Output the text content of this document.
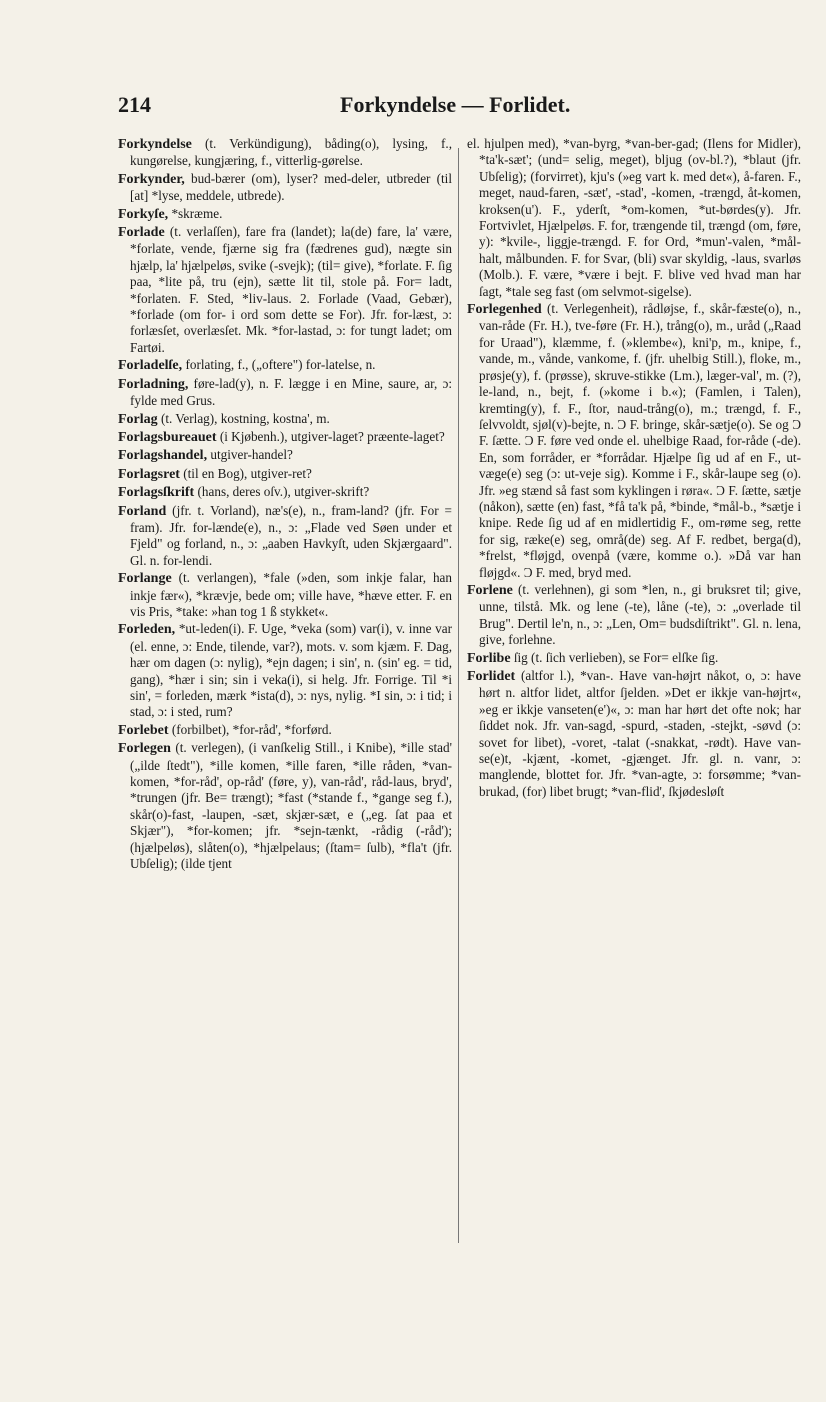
214	Forkyndelse — Forlidet.

Forkyndelse (t. Verkündigung), båding(o), lysing, f., kungørelse, kungjæring, f., vitterlig-gørelse.

Forkynder, bud-bærer (om), lyser? med-deler, utbreder (til [at] *lyse, meddele, utbrede).

Forkyſe, *skræme.

Forlade (t. verlaſſen), fare fra (landet); la(de) fare, la' være, *forlate, vende, fjærne sig fra (fædrenes gud), nægte sin hjælp, la' hjælpeløs, svike (-svejk); (til= give), *forlate. F. ſig paa, *lite på, tru (ejn), sætte lit til, stole på. For= ladt, *forlaten. F. Sted, *liv-laus. 2. Forlade (Vaad, Gebær), *forlade (om for- i ord som dette se For). Jfr. for-læst, ɔ: forlæsſet, overlæsſet. Mk. *for-lastad, ɔ: for tungt ladet; om Fartøi.

Forladelſe, forlating, f., („oftere") for-latelse, n.

Forladning, føre-lad(y), n. F. lægge i en Mine, saure, ar, ɔ: fylde med Grus.

Forlag (t. Verlag), kostning, kostna', m.

Forlagsbureauet (i Kjøbenh.), utgiver-laget? præente-laget?

Forlagshandel, utgiver-handel?

Forlagsret (til en Bog), utgiver-ret?

Forlagsſkrift (hans, deres oſv.), utgiver-skrift?

Forland (jfr. t. Vorland), næ's(e), n., fram-land? (jfr. For = fram). Jfr. for-lænde(e), n., ɔ: „Flade ved Søen under et Fjeld" og forland, n., ɔ: „aaben Havkyſt, uden Skjærgaard". Gl. n. for-lendi.

Forlange (t. verlangen), *fale (»den, som inkje falar, han inkje fær«), *krævje, bede om; ville have, *hæve etter. F. en vis Pris, *take: »han tog 1 ß stykket«.

Forleden, *ut-leden(i). F. Uge, *veka (som) var(i), v. inne var (el. enne, ɔ: Ende, tilende, var?), mots. v. som kjæm. F. Dag, hær om dagen (ɔ: nylig), *ejn dagen; i sin', n. (sin' eg. = tid, gang), *hær i sin; sin i veka(i), si helg. Jfr. Forrige. Til *i sin', = forleden, mærk *ista(d), ɔ: nys, nylig. *I sin, ɔ: i tid; i stad, ɔ: i sted, rum?

Forlebet (forbilbet), *for-råd', *forførd.

Forlegen (t. verlegen), (i vanſkelig Still., i Knibe), *ille stad' („ilde ſtedt"), *ille komen, *ille faren, *ille råden, *van-komen, *for-råd', op-råd' (føre, y), van-råd', råd-laus, bryd', *trungen (jfr. Be= trængt); *fast (*stande f., *gange seg f.), skår(o)-fast, -laupen, -sæt, skjær-sæt, e („eg. ſat paa et Skjær"), *for-komen; jfr. *sejn-tænkt, -rådig (-råd'); (hjælpeløs), slåten(o), *hjælpelaus; (ſtam= ſulb), *fla't (jfr. Ubſelig); (ilde tjent

el. hjulpen med), *van-byrg, *van-ber-gad; (Ilens for Midler), *ta'k-sæt'; (und= selig, meget), bljug (ov-bl.?), *blaut (jfr. Ubſelig); (forvirret), kju's (»eg vart k. med det«), å-faren. F., meget, naud-faren, -sæt', -stad', -komen, -trængd, åt-komen, kroksen(u'). F., yderſt, *om-komen, *ut-børdes(y). Jfr. Fortvivlet, Hjælpeløs. F. for, trængende til, trængd (om, føre, y): *kvile-, liggje-trængd. F. for Ord, *mun'-valen, *mål-halt, målbunden. F. for Svar, (bli) svar skyldig, -laus, svarløs (Molb.). F. være, *være i bejt. F. blive ved hvad man har ſagt, *tale seg fast (om selvmot-sigelse).

Forlegenhed (t. Verlegenheit), rådløjse, f., skår-fæste(o), n., van-råde (Fr. H.), tve-føre (Fr. H.), trång(o), m., uråd („Raad for Uraad"), klæmme, f. (»klembe«), kni'p, m., knipe, f., vande, m., vånde, vankome, f. (jfr. uhelbig Still.), floke, m., prøsje(y), f. (prøsse), skruve-stikke (Lm.), læger-val', m. (?), le-land, n., bejt, f. (»kome i b.«); (Famlen, i Talen), kremting(y), f. F., ſtor, naud-trång(o), m.; trængd, f. F., ſelvvoldt, sjøl(v)-bejte, n. Ɔ F. bringe, skår-sætje(o). Se og Ɔ F. ſætte. Ɔ F. føre ved onde el. uhelbige Raad, for-råde (-de). En, som forråder, er *forrådar. Hjælpe ſig ud af en F., ut-væge(e) seg (ɔ: ut-veje sig). Komme i F., skår-laupe seg (o). Jfr. »eg stænd så fast som kyklingen i røra«. Ɔ F. ſætte, sætje (nåkon), sætte (en) fast, *få ta'k på, *binde, *mål-b., *sætje i knipe. Rede ſig ud af en midlertidig F., om-røme seg, rette for sig, ræke(e) seg, områ(de) seg. Af F. redbet, berga(d), *frelst, *fløjgd, ovenpå (være, komme o.). »Då var han fløjgd«. Ɔ F. med, bryd med.

Forlene (t. verlehnen), gi som *len, n., gi bruksret til; give, unne, tilstå. Mk. og lene (-te), låne (-te), ɔ: „overlade til Brug". Dertil le'n, n., ɔ: „Len, Om= budsdiſtrikt". Gl. n. lena, give, forlehne.

Forlibe ſig (t. ſich verlieben), se For= elſke ſig.

Forlidet (altfor l.), *van-. Have van-højrt nåkot, o, ɔ: have hørt n. altfor lidet, altfor ſjelden. »Det er ikkje van-højrt«, »eg er ikkje vanseten(e')«, ɔ: man har hørt det ofte nok; har ſiddet nok. Jfr. van-sagd, -spurd, -staden, -stejkt, -søvd (ɔ: sovet for libet), -voret, -talat (-snakkat, -rødt). Have van-se(e)t, -kjænt, -komet, -gjænget. Jfr. gl. n. vanr, ɔ: manglende, blottet for. Jfr. *van-agte, ɔ: forsømme; *van-brukad, (for) libet brugt; *van-flid', ſkjødesløſt
